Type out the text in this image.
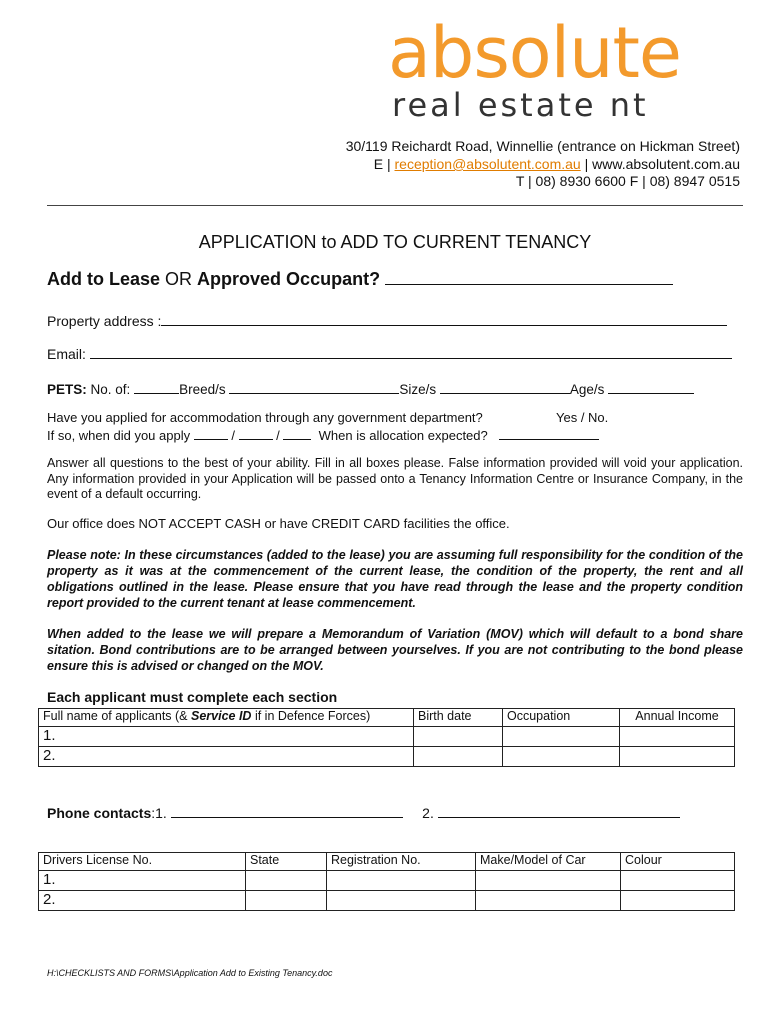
absolute
real estate nt
30/119 Reichardt Road, Winnellie (entrance on Hickman Street)
E | reception@absolutent.com.au | www.absolutent.com.au
T | 08) 8930 6600 F | 08) 8947 0515
APPLICATION to ADD TO CURRENT TENANCY
Add to Lease OR Approved Occupant?
Property address :
Email:
PETS: No. of:	Breed/s	Size/s	Age/s
Have you applied for accommodation through any government department?	Yes / No.
If so, when did you apply	/	/	When is allocation expected?
Answer all questions to the best of your ability. Fill in all boxes please. False information provided will void your application. Any information provided in your Application will be passed onto a Tenancy Information Centre or Insurance Company, in the event of a default occurring.
Our office does NOT ACCEPT CASH or have CREDIT CARD facilities the office.
Please note: In these circumstances (added to the lease) you are assuming full responsibility for the condition of the property as it was at the commencement of the current lease, the condition of the property, the rent and all obligations outlined in the lease. Please ensure that you have read through the lease and the property condition report provided to the current tenant at lease commencement.
When added to the lease we will prepare a Memorandum of Variation (MOV) which will default to a bond share sitation. Bond contributions are to be arranged between yourselves. If you are not contributing to the bond please ensure this is advised or changed on the MOV.
Each applicant must complete each section
Full name of applicants (& Service ID if in Defence Forces)	Birth date	Occupation	Annual Income
1.			
2.			
Phone contacts:1.	2.
Drivers License No.	State	Registration No.	Make/Model of Car	Colour
1.				
2.				
H:\CHECKLISTS AND FORMS\Application Add to Existing Tenancy.doc
